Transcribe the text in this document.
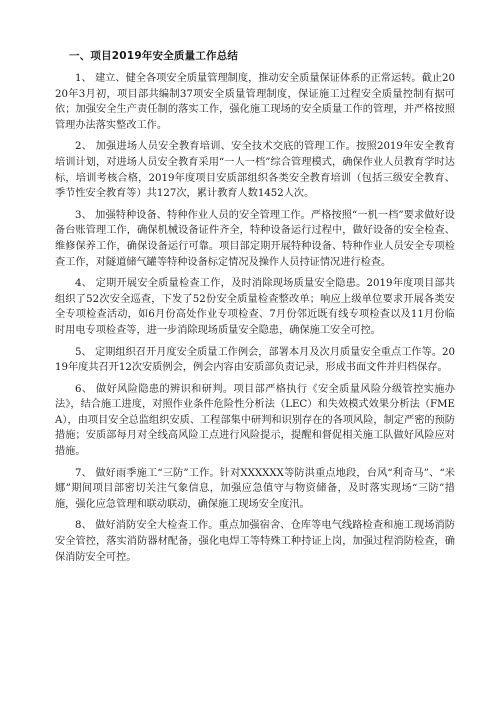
一、项目2019年安全质量工作总结

1、 建立、健全各项安全质量管理制度，推动安全质量保证体系的正常运转。截止2020年3月初，项目部共编制37项安全质量管理制度，保证施工过程安全质量控制有据可依；加强安全生产责任制的落实工作，强化施工现场的安全质量工作的管理，并严格按照管理办法落实整改工作。

2、 加强进场人员安全教育培训、安全技术交底的管理工作。按照2019年安全教育培训计划，对进场人员安全教育采用“一人一档”综合管理模式，确保作业人员教育学时达标，培训考核合格，2019年度项目安质部组织各类安全教育培训（包括三级安全教育、季节性安全教育等）共127次，累计教育人数1452人次。

3、 加强特种设备、特种作业人员的安全管理工作。严格按照“一机一档”要求做好设备台账管理工作，确保机械设备证件齐全，特种设备运行过程中，做好设备的安全检查、维修保养工作，确保设备运行可靠。项目部定期开展特种设备、特种作业人员安全专项检查工作，对隧道储气罐等特种设备标定情况及操作人员持证情况进行检查。

4、 定期开展安全质量检查工作，及时消除现场质量安全隐患。2019年度项目部共组织了52次安全巡查，下发了52份安全质量检查整改单；响应上级单位要求开展各类安全专项检查活动，如6月份高处作业专项检查、7月份邻近既有线专项检查以及11月份临时用电专项检查等，进一步消除现场质量安全隐患，确保施工安全可控。

5、 定期组织召开月度安全质量工作例会，部署本月及次月质量安全重点工作等。2019年度共召开12次安质例会，例会内容由安质部负责记录，形成书面文件并归档保存。

6、 做好风险隐患的辨识和研判。项目部严格执行《安全质量风险分级管控实施办法》，结合施工进度，对照作业条件危险性分析法（LEC）和失效模式效果分析法（FMEA），由项目安全总监组织安质、工程部集中研判和识别存在的各项风险，制定严密的预防措施；安质部每月对全线高风险工点进行风险提示，提醒和督促相关施工队做好风险应对措施。

7、 做好雨季施工“三防”工作。针对XXXXXX等防洪重点地段，台风“利奇马”、“米娜”期间项目部密切关注气象信息，加强应急值守与物资储备，及时落实现场“三防”措施，强化应急管理和联动联动，确保施工现场安全度汛。

8、 做好消防安全大检查工作。重点加强宿舍、仓库等电气线路检查和施工现场消防安全管控，落实消防器材配备，强化电焊工等特殊工种持证上岗，加强过程消防检查，确保消防安全可控。
